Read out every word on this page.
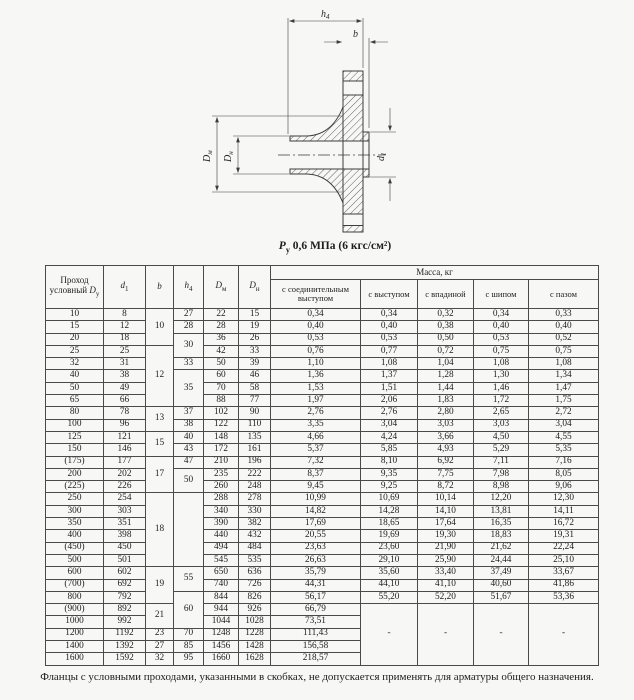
$h_4$
b
$D_м$
$D_н$
$d_1$
$P_у$ 0,6 МПа (6 кгс/см²)
Проход
условный $D_у$	$d_1$	b	$h_4$	$D_м$	$D_н$	Масса, кг				
						с соединительным выступом	с выступом	с впадиной	с шипом	с пазом
10	8	10	27	22	15	0,34	0,34	0,32	0,34	0,33
15	12		28	28	19	0,40	0,40	0,38	0,40	0,40
20	18		30	36	26	0,53	0,53	0,50	0,53	0,52
25	25	12		42	33	0,76	0,77	0,72	0,75	0,75
32	31		33	50	39	1,10	1,08	1,04	1,08	1,08
40	38		35	60	46	1,36	1,37	1,28	1,30	1,34
50	49			70	58	1,53	1,51	1,44	1,46	1,47
65	66			88	77	1,97	2,06	1,83	1,72	1,75
80	78	13	37	102	90	2,76	2,76	2,80	2,65	2,72
100	96		38	122	110	3,35	3,04	3,03	3,03	3,04
125	121	15	40	148	135	4,66	4,24	3,66	4,50	4,55
150	146		43	172	161	5,37	5,85	4,93	5,29	5,35
(175)	177	17	47	210	196	7,32	8,10	6,92	7,11	7,16
200	202		50	235	222	8,37	9,35	7,75	7,98	8,05
(225)	226			260	248	9,45	9,25	8,72	8,98	9,06
250	254	18		288	278	10,99	10,69	10,14	12,20	12,30
300	303			340	330	14,82	14,28	14,10	13,81	14,11
350	351			390	382	17,69	18,65	17,64	16,35	16,72
400	398			440	432	20,55	19,69	19,30	18,83	19,31
(450)	450			494	484	23,63	23,60	21,90	21,62	22,24
500	501			545	535	26,63	29,10	25,90	24,44	25,10
600	602	19	55	650	636	35,79	35,60	33,40	37,49	33,67
(700)	692			740	726	44,31	44,10	41,10	40,60	41,86
800	792		60	844	826	56,17	55,20	52,20	51,67	53,36
(900)	892	21		944	926	66,79	-	-	-	-
1000	992			1044	1028	73,51				
1200	1192	23	70	1248	1228	111,43				
1400	1392	27	85	1456	1428	156,58				
1600	1592	32	95	1660	1628	218,57				
Фланцы с условными проходами, указанными в скобках, не допускается применять для арматуры общего назначения.
